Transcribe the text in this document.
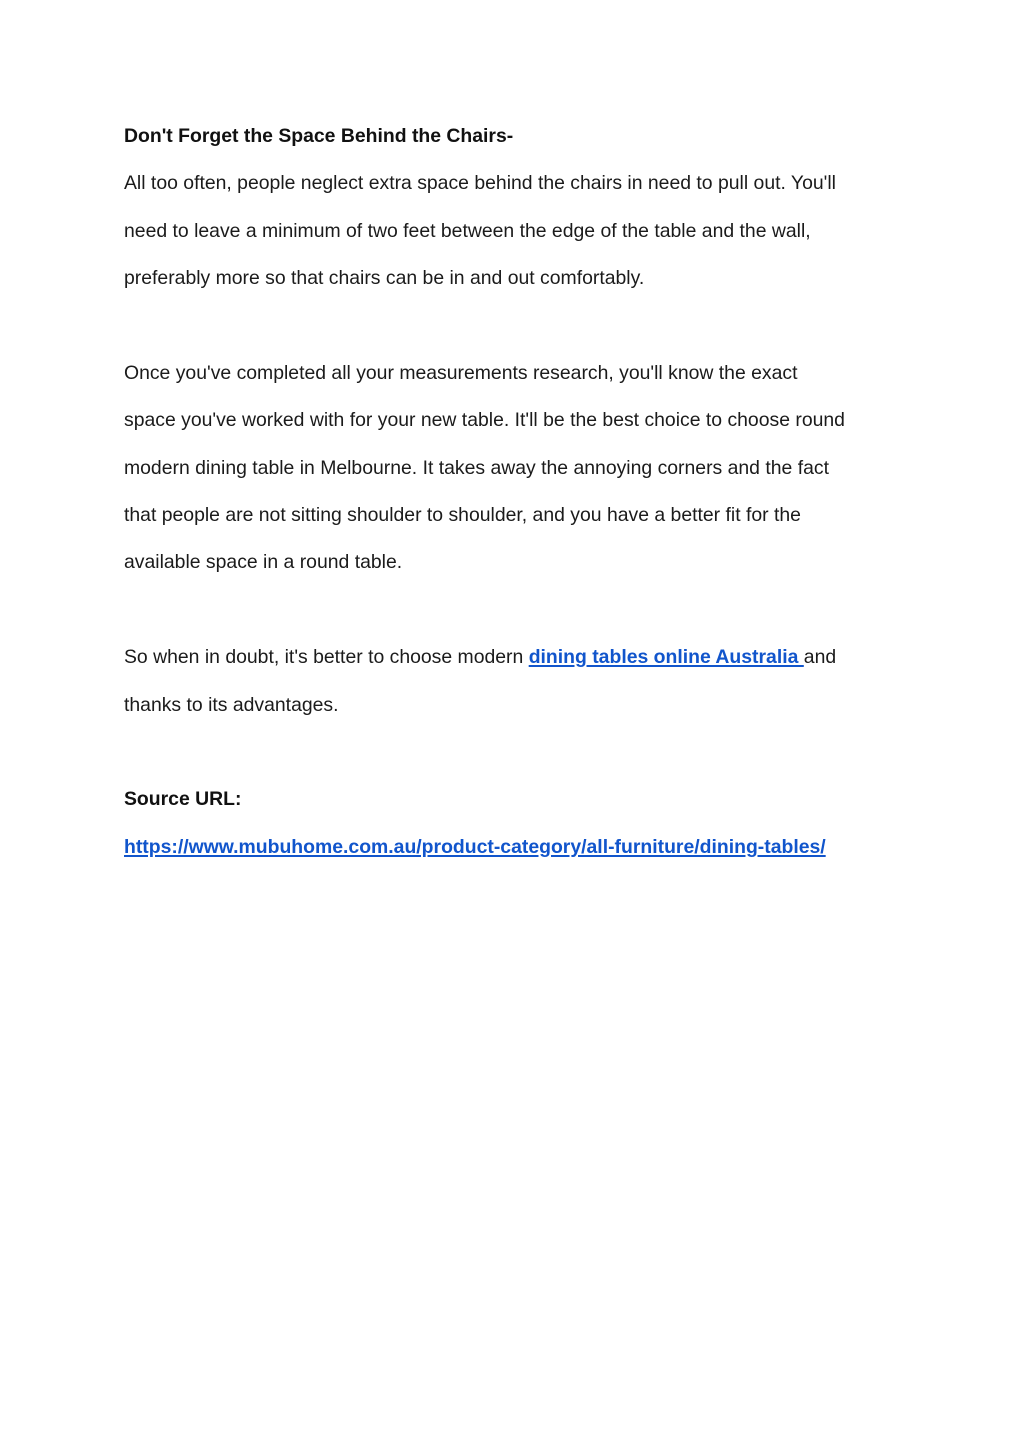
Don't Forget the Space Behind the Chairs-

All too often, people neglect extra space behind the chairs in need to pull out. You'll

need to leave a minimum of two feet between the edge of the table and the wall,

preferably more so that chairs can be in and out comfortably.

Once you've completed all your measurements research, you'll know the exact

space you've worked with for your new table. It'll be the best choice to choose round

modern dining table in Melbourne. It takes away the annoying corners and the fact

that people are not sitting shoulder to shoulder, and you have a better fit for the

available space in a round table.

So when in doubt, it's better to choose modern dining tables online Australia and

thanks to its advantages.

Source URL:

https://www.mubuhome.com.au/product-category/all-furniture/dining-tables/
